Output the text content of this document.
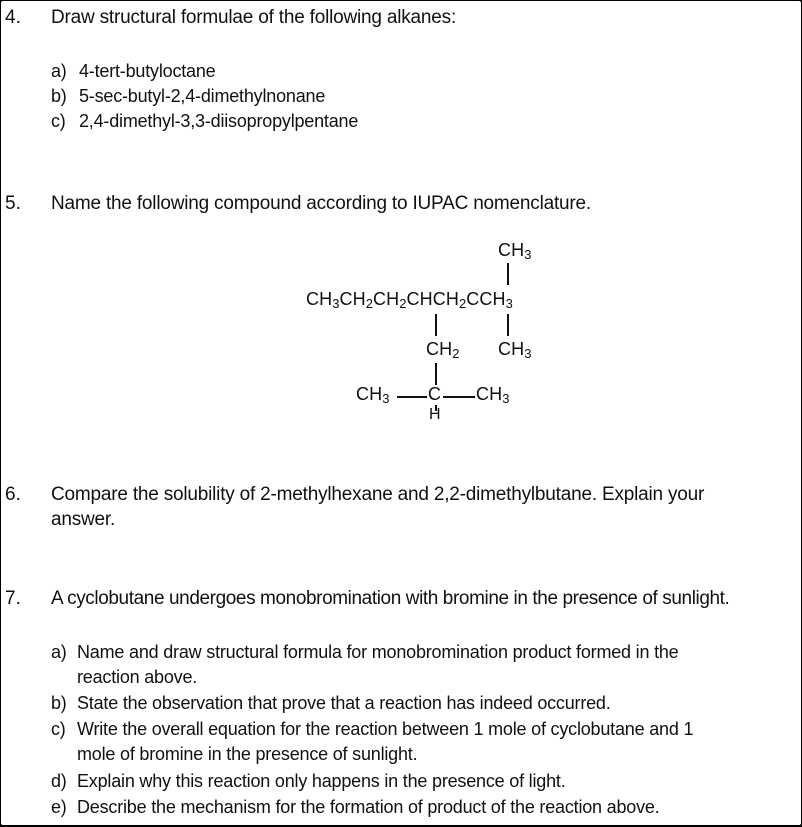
4. Draw structural formulae of the following alkanes:
a) 4-tert-butyloctane
b) 5-sec-butyl-2,4-dimethylnonane
c) 2,4-dimethyl-3,3-diisopropylpentane
5. Name the following compound according to IUPAC nomenclature.
$CH_3$
$CH_3CH_2CH_2CHCH_2CCH_3$
$CH_2$ $CH_3$
$CH_3$ C $CH_3$
H
6. Compare the solubility of 2-methylhexane and 2,2-dimethylbutane. Explain your
answer.
7. A cyclobutane undergoes monobromination with bromine in the presence of sunlight.
a) Name and draw structural formula for monobromination product formed in the
reaction above.
b) State the observation that prove that a reaction has indeed occurred.
c) Write the overall equation for the reaction between 1 mole of cyclobutane and 1
mole of bromine in the presence of sunlight.
d) Explain why this reaction only happens in the presence of light.
e) Describe the mechanism for the formation of product of the reaction above.
